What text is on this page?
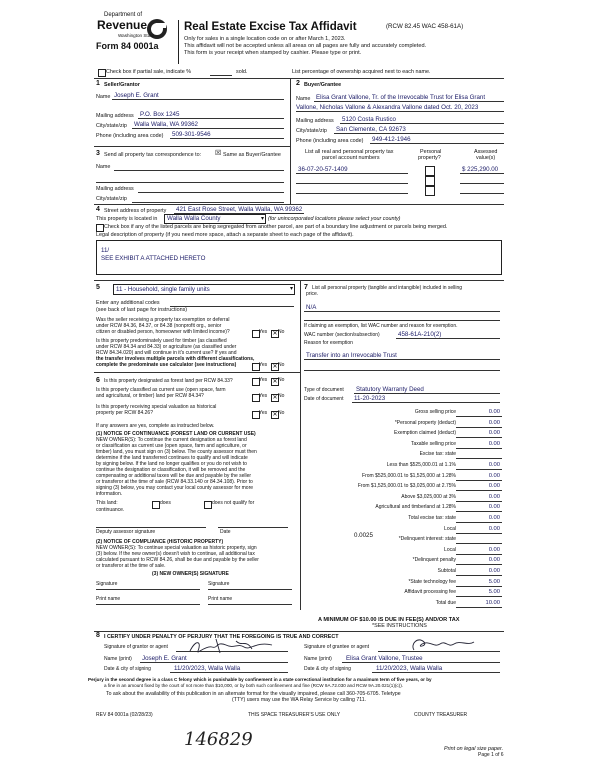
Department of
Revenue
Washington State
Form 84 0001a
Real Estate Excise Tax Affidavit	(RCW 82.45 WAC 458-61A)
Only for sales in a single location code on or after March 1, 2023.
This affidavit will not be accepted unless all areas on all pages are fully and accurately completed.
This form is your receipt when stamped by cashier. Please type or print.
Check box if partial sale, indicate %	sold.	List percentage of ownership acquired next to each name.
1 Seller/Grantor
Name Joseph E. Grant
Mailing address P.O. Box 1245
City/state/zip Walla Walla, WA 99362
Phone (including area code) 509-301-9546
2 Buyer/Grantee
Name Elisa Grant Vallone, Tr. of the Irrevocable Trust for Elisa Grant
Vallone, Nicholas Vallone & Alexandra Vallone dated Oct. 20, 2023
Mailing address 5120 Costa Rustico
City/state/zip San Clemente, CA 92673
Phone (including area code) 949-412-1946
3 Send all property tax correspondence to: ☒ Same as Buyer/Grantee
Name
Mailing address
City/state/zip
List all real and personal property tax
parcel account numbers
Personal
property?
Assessed
value(s)
36-07-20-57-1409	$ 225,290.00
4 Street address of property 421 East Rose Street, Walla Walla, WA 99362
This property is located in Walla Walla County	▾ (for unincorporated locations please select your county)
Check box if any of the listed parcels are being segregated from another parcel, are part of a boundary line adjustment or parcels being merged.
Legal description of property (if you need more space, attach a separate sheet to each page of the affidavit).
11/
SEE EXHIBIT A ATTACHED HERETO
5	11 - Household, single family units	▾
Enter any additional codes
(see back of last page for instructions)
Was the seller receiving a property tax exemption or deferral
under RCW 84.36, 84.37, or 84.38 (nonprofit org., senior
citizen or disabled person, homeowner with limited income)?	Yes ✕ No
Is this property predominately used for timber (as classified
under RCW 84.34 and 84.33) or agriculture (as classified under
RCW 84.34.020) and will continue in it's current use? If yes and
the transfer involves multiple parcels with different classifications,
complete the predominate use calculator (see instructions)	Yes ✕ No
6 Is this property designated as forest land per RCW 84.33?	Yes ✕ No
Is this property classified as current use (open space, farm
and agricultural, or timber) land per RCW 84.34?	Yes ✕ No
Is this property receiving special valuation as historical
property per RCW 84.26?	Yes ✕ No
If any answers are yes, complete as instructed below.
(1) NOTICE OF CONTINUANCE (FOREST LAND OR CURRENT USE)
NEW OWNER(S): To continue the current designation as forest land
or classification as current use (open space, farm and agriculture, or
timber) land, you must sign on (3) below. The county assessor must then
determine if the land transferred continues to qualify and will indicate
by signing below. If the land no longer qualifies or you do not wish to
continue the designation or classification, it will be removed and the
compensating or additional taxes will be due and payable by the seller
or transferor at the time of sale (RCW 84.33.140 or 84.34.108). Prior to
signing (3) below, you may contact your local county assessor for more
information.
This land:	does	does not qualify for
continuance.
Deputy assessor signature	Date
(2) NOTICE OF COMPLIANCE (HISTORIC PROPERTY)
NEW OWNER(S): To continue special valuation as historic property, sign
(3) below. If the new owner(s) doesn't wish to continue, all additional tax
calculated pursuant to RCW 84.26, shall be due and payable by the seller
or transferor at the time of sale.
(3) NEW OWNER(S) SIGNATURE
Signature	Signature
Print name	Print name
7 List all personal property (tangible and intangible) included in selling
price.
N/A
If claiming an exemption, list WAC number and reason for exemption.
WAC number (section/subsection)	458-61A-210(2)
Reason for exemption
Transfer into an Irrevocable Trust
Type of document Statutory Warranty Deed
Date of document 11-20-2023
Gross selling price	0.00
*Personal property (deduct)	0.00
Exemption claimed (deduct)	0.00
Taxable selling price	0.00
Excise tax: state
Less than $525,000.01 at 1.1%	0.00
From $525,000.01 to $1,525,000 at 1.28%	0.00
From $1,525,000.01 to $3,025,000 at 2.75%	0.00
Above $3,025,000 at 3%	0.00
Agricultural and timberland at 1.28%	0.00
Total excise tax: state	0.00
Local	0.00
*Delinquent interest: state
Local	0.00
*Delinquent penalty	0.00
Subtotal	0.00
*State technology fee	5.00
Affidavit processing fee	5.00
Total due	10.00
0.0025
A MINIMUM OF $10.00 IS DUE IN FEE(S) AND/OR TAX
*SEE INSTRUCTIONS
8 I CERTIFY UNDER PENALTY OF PERJURY THAT THE FOREGOING IS TRUE AND CORRECT
Signature of grantor or agent
Name (print) Joseph E. Grant
Date & city of signing	11/20/2023, Walla Walla
Signature of grantee or agent
Name (print) Elisa Grant Vallone, Trustee
Date & city of signing	11/20/2023, Walla Walla
Perjury in the second degree is a class C felony which is punishable by confinement in a state correctional institution for a maximum term of five years, or by
a fine in an amount fixed by the court of not more than $10,000, or by both such confinement and fine (RCW 9A.72.030 and RCW 9A.20.021(1)(c)).
To ask about the availability of this publication in an alternate format for the visually impaired, please call 360-705-6705. Teletype
(TTY) users may use the WA Relay Service by calling 711.
REV 84 0001a (02/28/23)	THIS SPACE TREASURER'S USE ONLY	COUNTY TREASURER
146829	Print on legal size paper.
Page 1 of 6
